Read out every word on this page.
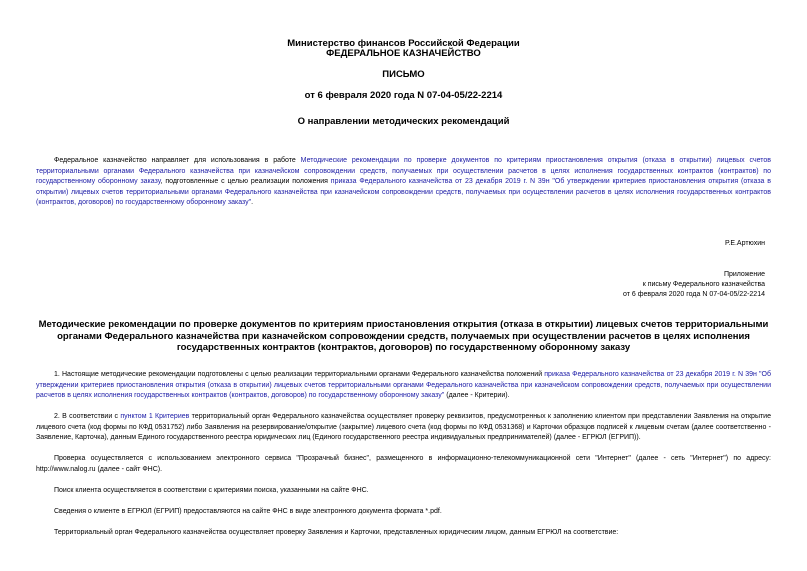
Министерство финансов Российской Федерации
ФЕДЕРАЛЬНОЕ КАЗНАЧЕЙСТВО
ПИСЬМО
от 6 февраля 2020 года N 07-04-05/22-2214
О направлении методических рекомендаций
Федеральное казначейство направляет для использования в работе Методические рекомендации по проверке документов по критериям приостановления открытия (отказа в открытии) лицевых счетов территориальными органами Федерального казначейства при казначейском сопровождении средств, получаемых при осуществлении расчетов в целях исполнения государственных контрактов (контрактов) по государственному оборонному заказу, подготовленные с целью реализации положения приказа Федерального казначейства от 23 декабря 2019 г. N 39н "Об утверждении критериев приостановления открытия (отказа в открытии) лицевых счетов территориальными органами Федерального казначейства при казначейском сопровождении средств, получаемых при осуществлении расчетов в целях исполнения государственных контрактов (контрактов, договоров) по государственному оборонному заказу".
Р.Е.Артюхин
Приложение
к письму Федерального казначейства
от 6 февраля 2020 года N 07-04-05/22-2214
Методические рекомендации по проверке документов по критериям приостановления открытия (отказа в открытии) лицевых счетов территориальными органами Федерального казначейства при казначейском сопровождении средств, получаемых при осуществлении расчетов в целях исполнения государственных контрактов (контрактов, договоров) по государственному оборонному заказу
1. Настоящие методические рекомендации подготовлены с целью реализации территориальными органами Федерального казначейства положений приказа Федерального казначейства от 23 декабря 2019 г. N 39н "Об утверждении критериев приостановления открытия (отказа в открытии) лицевых счетов территориальными органами Федерального казначейства при казначейском сопровождении средств, получаемых при осуществлении расчетов в целях исполнения государственных контрактов (контрактов, договоров) по государственному оборонному заказу" (далее - Критерии).
2. В соответствии с пунктом 1 Критериев территориальный орган Федерального казначейства осуществляет проверку реквизитов, предусмотренных к заполнению клиентом при представлении Заявления на открытие лицевого счета (код формы по КФД 0531752) либо Заявления на резервирование/открытие (закрытие) лицевого счета (код формы по КФД 0531368) и Карточки образцов подписей к лицевым счетам (далее соответственно - Заявление, Карточка), данным Единого государственного реестра юридических лиц (Единого государственного реестра индивидуальных предпринимателей) (далее - ЕГРЮЛ (ЕГРИП)).
Проверка осуществляется с использованием электронного сервиса "Прозрачный бизнес", размещенного в информационно-телекоммуникационной сети "Интернет" (далее - сеть "Интернет") по адресу: http://www.nalog.ru (далее - сайт ФНС).
Поиск клиента осуществляется в соответствии с критериями поиска, указанными на сайте ФНС.
Сведения о клиенте в ЕГРЮЛ (ЕГРИП) предоставляются на сайте ФНС в виде электронного документа формата *.pdf.
Территориальный орган Федерального казначейства осуществляет проверку Заявления и Карточки, представленных юридическим лицом, данным ЕГРЮЛ на соответствие:
